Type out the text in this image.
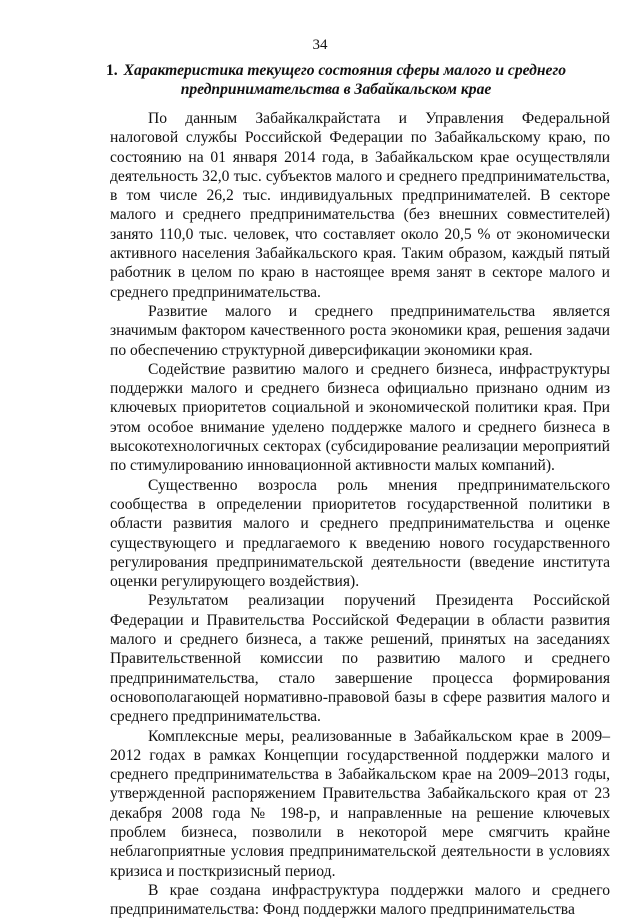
34
1. Характеристика текущего состояния сферы малого и среднего предпринимательства в Забайкальском крае

По данным Забайкалкрайстата и Управления Федеральной налоговой службы Российской Федерации по Забайкальскому краю, по состоянию на 01 января 2014 года, в Забайкальском крае осуществляли деятельность 32,0 тыс. субъектов малого и среднего предпринимательства, в том числе 26,2 тыс. индивидуальных предпринимателей. В секторе малого и среднего предпринимательства (без внешних совместителей) занято 110,0 тыс. человек, что составляет около 20,5 % от экономически активного населения Забайкальского края. Таким образом, каждый пятый работник в целом по краю в настоящее время занят в секторе малого и среднего предпринимательства.

Развитие малого и среднего предпринимательства является значимым фактором качественного роста экономики края, решения задачи по обеспечению структурной диверсификации экономики края.

Содействие развитию малого и среднего бизнеса, инфраструктуры поддержки малого и среднего бизнеса официально признано одним из ключевых приоритетов социальной и экономической политики края. При этом особое внимание уделено поддержке малого и среднего бизнеса в высокотехнологичных секторах (субсидирование реализации мероприятий по стимулированию инновационной активности малых компаний).

Существенно возросла роль мнения предпринимательского сообщества в определении приоритетов государственной политики в области развития малого и среднего предпринимательства и оценке существующего и предлагаемого к введению нового государственного регулирования предпринимательской деятельности (введение института оценки регулирующего воздействия).

Результатом реализации поручений Президента Российской Федерации и Правительства Российской Федерации в области развития малого и среднего бизнеса, а также решений, принятых на заседаниях Правительственной комиссии по развитию малого и среднего предпринимательства, стало завершение процесса формирования основополагающей нормативно-правовой базы в сфере развития малого и среднего предпринимательства.

Комплексные меры, реализованные в Забайкальском крае в 2009–2012 годах в рамках Концепции государственной поддержки малого и среднего предпринимательства в Забайкальском крае на 2009–2013 годы, утвержденной распоряжением Правительства Забайкальского края от 23 декабря 2008 года № 198-р, и направленные на решение ключевых проблем бизнеса, позволили в некоторой мере смягчить крайне неблагоприятные условия предпринимательской деятельности в условиях кризиса и посткризисный период.

В крае создана инфраструктура поддержки малого и среднего предпринимательства: Фонд поддержки малого предпринимательства
